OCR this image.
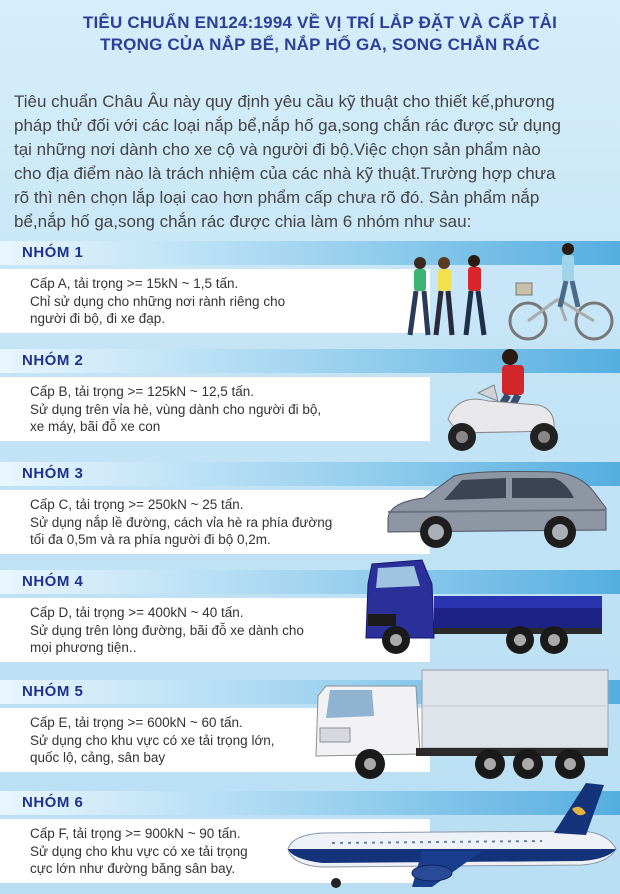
TIÊU CHUẨN EN124:1994 VỀ VỊ TRÍ LẮP ĐẶT VÀ CẤP TẢI
TRỌNG CỦA NẮP BỂ, NẮP HỐ GA, SONG CHẮN RÁC

Tiêu chuẩn Châu Âu này quy định yêu cầu kỹ thuật cho thiết kế,phương
pháp thử đối với các loại nắp bể,nắp hố ga,song chắn rác được sử dụng
tại những nơi dành cho xe cộ và người đi bộ.Việc chọn sản phẩm nào
cho địa điểm nào là trách nhiệm của các nhà kỹ thuật.Trường hợp chưa
rõ thì nên chọn lắp loại cao hơn phẩm cấp chưa rõ đó. Sản phẩm nắp
bể,nắp hố ga,song chắn rác được chia làm 6 nhóm như sau:

NHÓM 1
Cấp A, tải trọng >= 15kN ~ 1,5 tấn.
Chỉ sử dụng cho những nơi rành riêng cho
người đi bộ, đi xe đạp.
NHÓM 2
Cấp B, tải trọng >= 125kN ~ 12,5 tấn.
Sử dụng trên vỉa hè, vùng dành cho người đi bộ,
xe máy, bãi đỗ xe con
NHÓM 3
Cấp C, tải trọng >= 250kN ~ 25 tấn.
Sử dụng nắp lề đường, cách vỉa hè ra phía đường
tối đa 0,5m và ra phía người đi bộ 0,2m.
NHÓM 4
Cấp D, tải trọng >= 400kN ~ 40 tấn.
Sử dụng trên lòng đường, bãi đỗ xe dành cho
mọi phương tiện..
NHÓM 5
Cấp E, tải trọng >= 600kN ~ 60 tấn.
Sử dụng cho khu vực có xe tải trọng lớn,
quốc lộ, cảng, sân bay
NHÓM 6
Cấp F, tải trọng >= 900kN ~ 90 tấn.
Sử dụng cho khu vực có xe tải trọng
cực lớn như đường băng sân bay.
